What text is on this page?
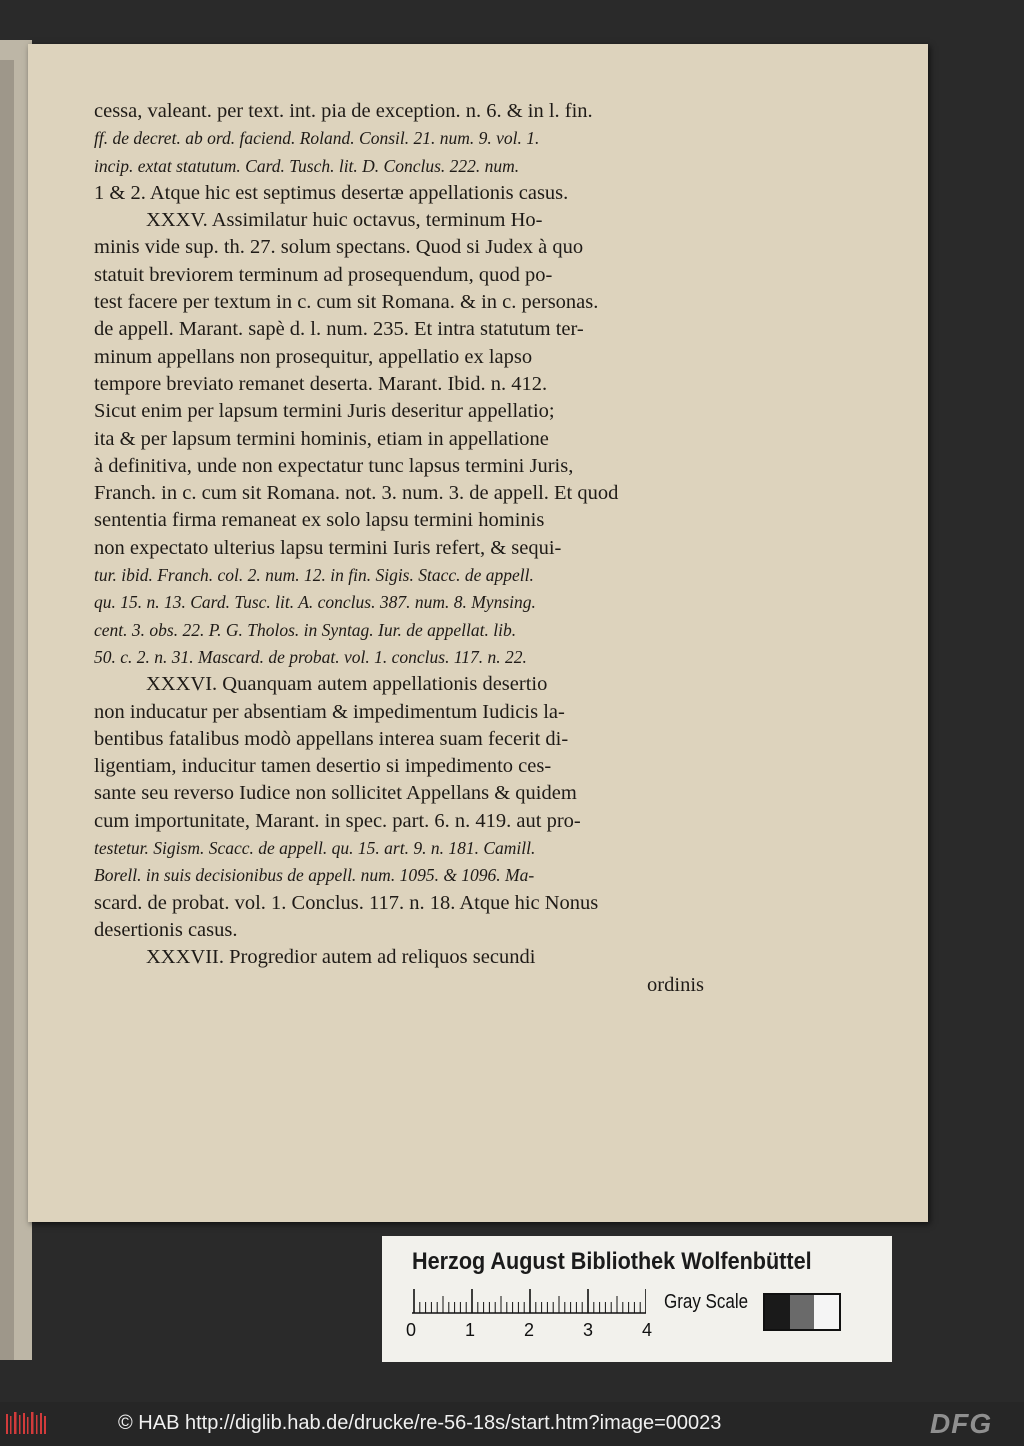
cessa, valeant. per text. int. pia de exception. n. 6. & in l. fin.
ff. de decret. ab ord. faciend. Roland. Consil. 21. num. 9. vol. 1.
incip. extat statutum. Card. Tusch. lit. D. Conclus. 222. num.
1 & 2. Atque hic est septimus desertæ appellationis casus.
XXXV. Assimilatur huic octavus, terminum Ho-
minis vide sup. th. 27. solum spectans. Quod si Judex à quo
statuit breviorem terminum ad prosequendum, quod po-
test facere per textum in c. cum sit Romana. & in c. personas.
de appell. Marant. sapè d. l. num. 235. Et intra statutum ter-
minum appellans non prosequitur, appellatio ex lapso
tempore breviato remanet deserta. Marant. Ibid. n. 412.
Sicut enim per lapsum termini Juris deseritur appellatio;
ita & per lapsum termini hominis, etiam in appellatione
à definitiva, unde non expectatur tunc lapsus termini Juris,
Franch. in c. cum sit Romana. not. 3. num. 3. de appell. Et quod
sententia firma remaneat ex solo lapsu termini hominis
non expectato ulterius lapsu termini Iuris refert, & sequi-
tur. ibid. Franch. col. 2. num. 12. in fin. Sigis. Stacc. de appell.
qu. 15. n. 13. Card. Tusc. lit. A. conclus. 387. num. 8. Mynsing.
cent. 3. obs. 22. P. G. Tholos. in Syntag. Iur. de appellat. lib.
50. c. 2. n. 31. Mascard. de probat. vol. 1. conclus. 117. n. 22.
XXXVI. Quanquam autem appellationis desertio
non inducatur per absentiam & impedimentum Iudicis la-
bentibus fatalibus modò appellans interea suam fecerit di-
ligentiam, inducitur tamen desertio si impedimento ces-
sante seu reverso Iudice non sollicitet Appellans & quidem
cum importunitate, Marant. in spec. part. 6. n. 419. aut pro-
testetur. Sigism. Scacc. de appell. qu. 15. art. 9. n. 181. Camill.
Borell. in suis decisionibus de appell. num. 1095. & 1096. Ma-
scard. de probat. vol. 1. Conclus. 117. n. 18. Atque hic Nonus
desertionis casus.
XXXVII. Progredior autem ad reliquos secundi
ordinis
Herzog August Bibliothek Wolfenbüttel
0	1	2	3	4
Gray Scale
© HAB http://diglib.hab.de/drucke/re-56-18s/start.htm?image=00023	DFG
